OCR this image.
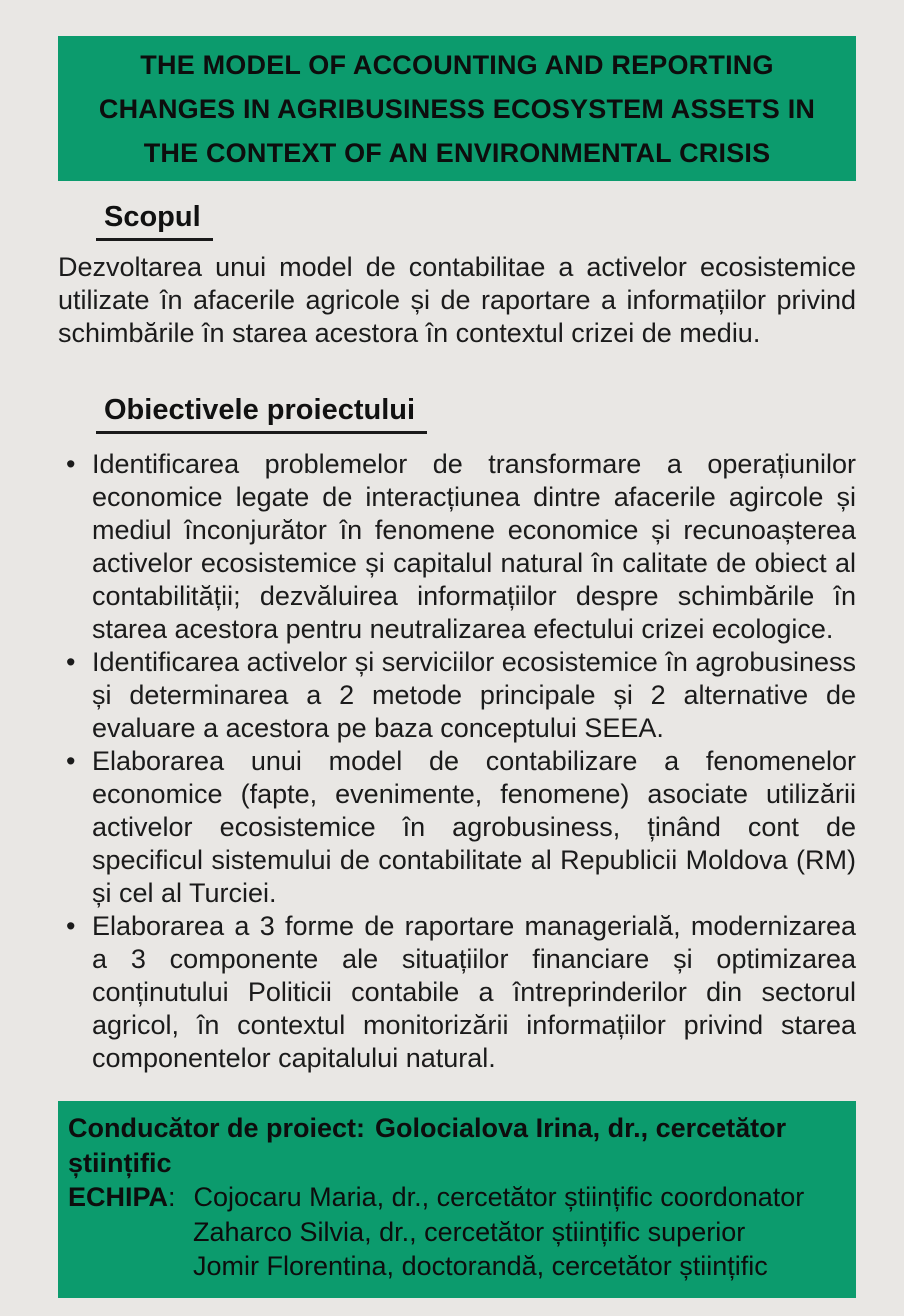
THE MODEL OF ACCOUNTING AND REPORTING
CHANGES IN AGRIBUSINESS ECOSYSTEM ASSETS IN
THE CONTEXT OF AN ENVIRONMENTAL CRISIS
Scopul

Dezvoltarea unui model de contabilitae a activelor ecosistemice utilizate în afacerile agricole și de raportare a informațiilor privind schimbările în starea acestora în contextul crizei de mediu.

Obiectivele proiectului
• Identificarea problemelor de transformare a operațiunilor economice legate de interacțiunea dintre afacerile agircole și mediul înconjurător în fenomene economice și recunoașterea activelor ecosistemice și capitalul natural în calitate de obiect al contabilității; dezvăluirea informațiilor despre schimbările în starea acestora pentru neutralizarea efectului crizei ecologice.
• Identificarea activelor și serviciilor ecosistemice în agrobusiness și determinarea a 2 metode principale și 2 alternative de evaluare a acestora pe baza conceptului SEEA.
• Elaborarea unui model de contabilizare a fenomenelor economice (fapte, evenimente, fenomene) asociate utilizării activelor ecosistemice în agrobusiness, ținând cont de specificul sistemului de contabilitate al Republicii Moldova (RM) și cel al Turciei.
• Elaborarea a 3 forme de raportare managerială, modernizarea a 3 componente ale situațiilor financiare și optimizarea conținutului Politicii contabile a întreprinderilor din sectorul agricol, în contextul monitorizării informațiilor privind starea componentelor capitalului natural.
Conducător de proiect: Golocialova Irina, dr., cercetător științific
ECHIPA: Cojocaru Maria, dr., cercetător științific coordonator
Zaharco Silvia, dr., cercetător științific superior
Jomir Florentina, doctorandă, cercetător științific
